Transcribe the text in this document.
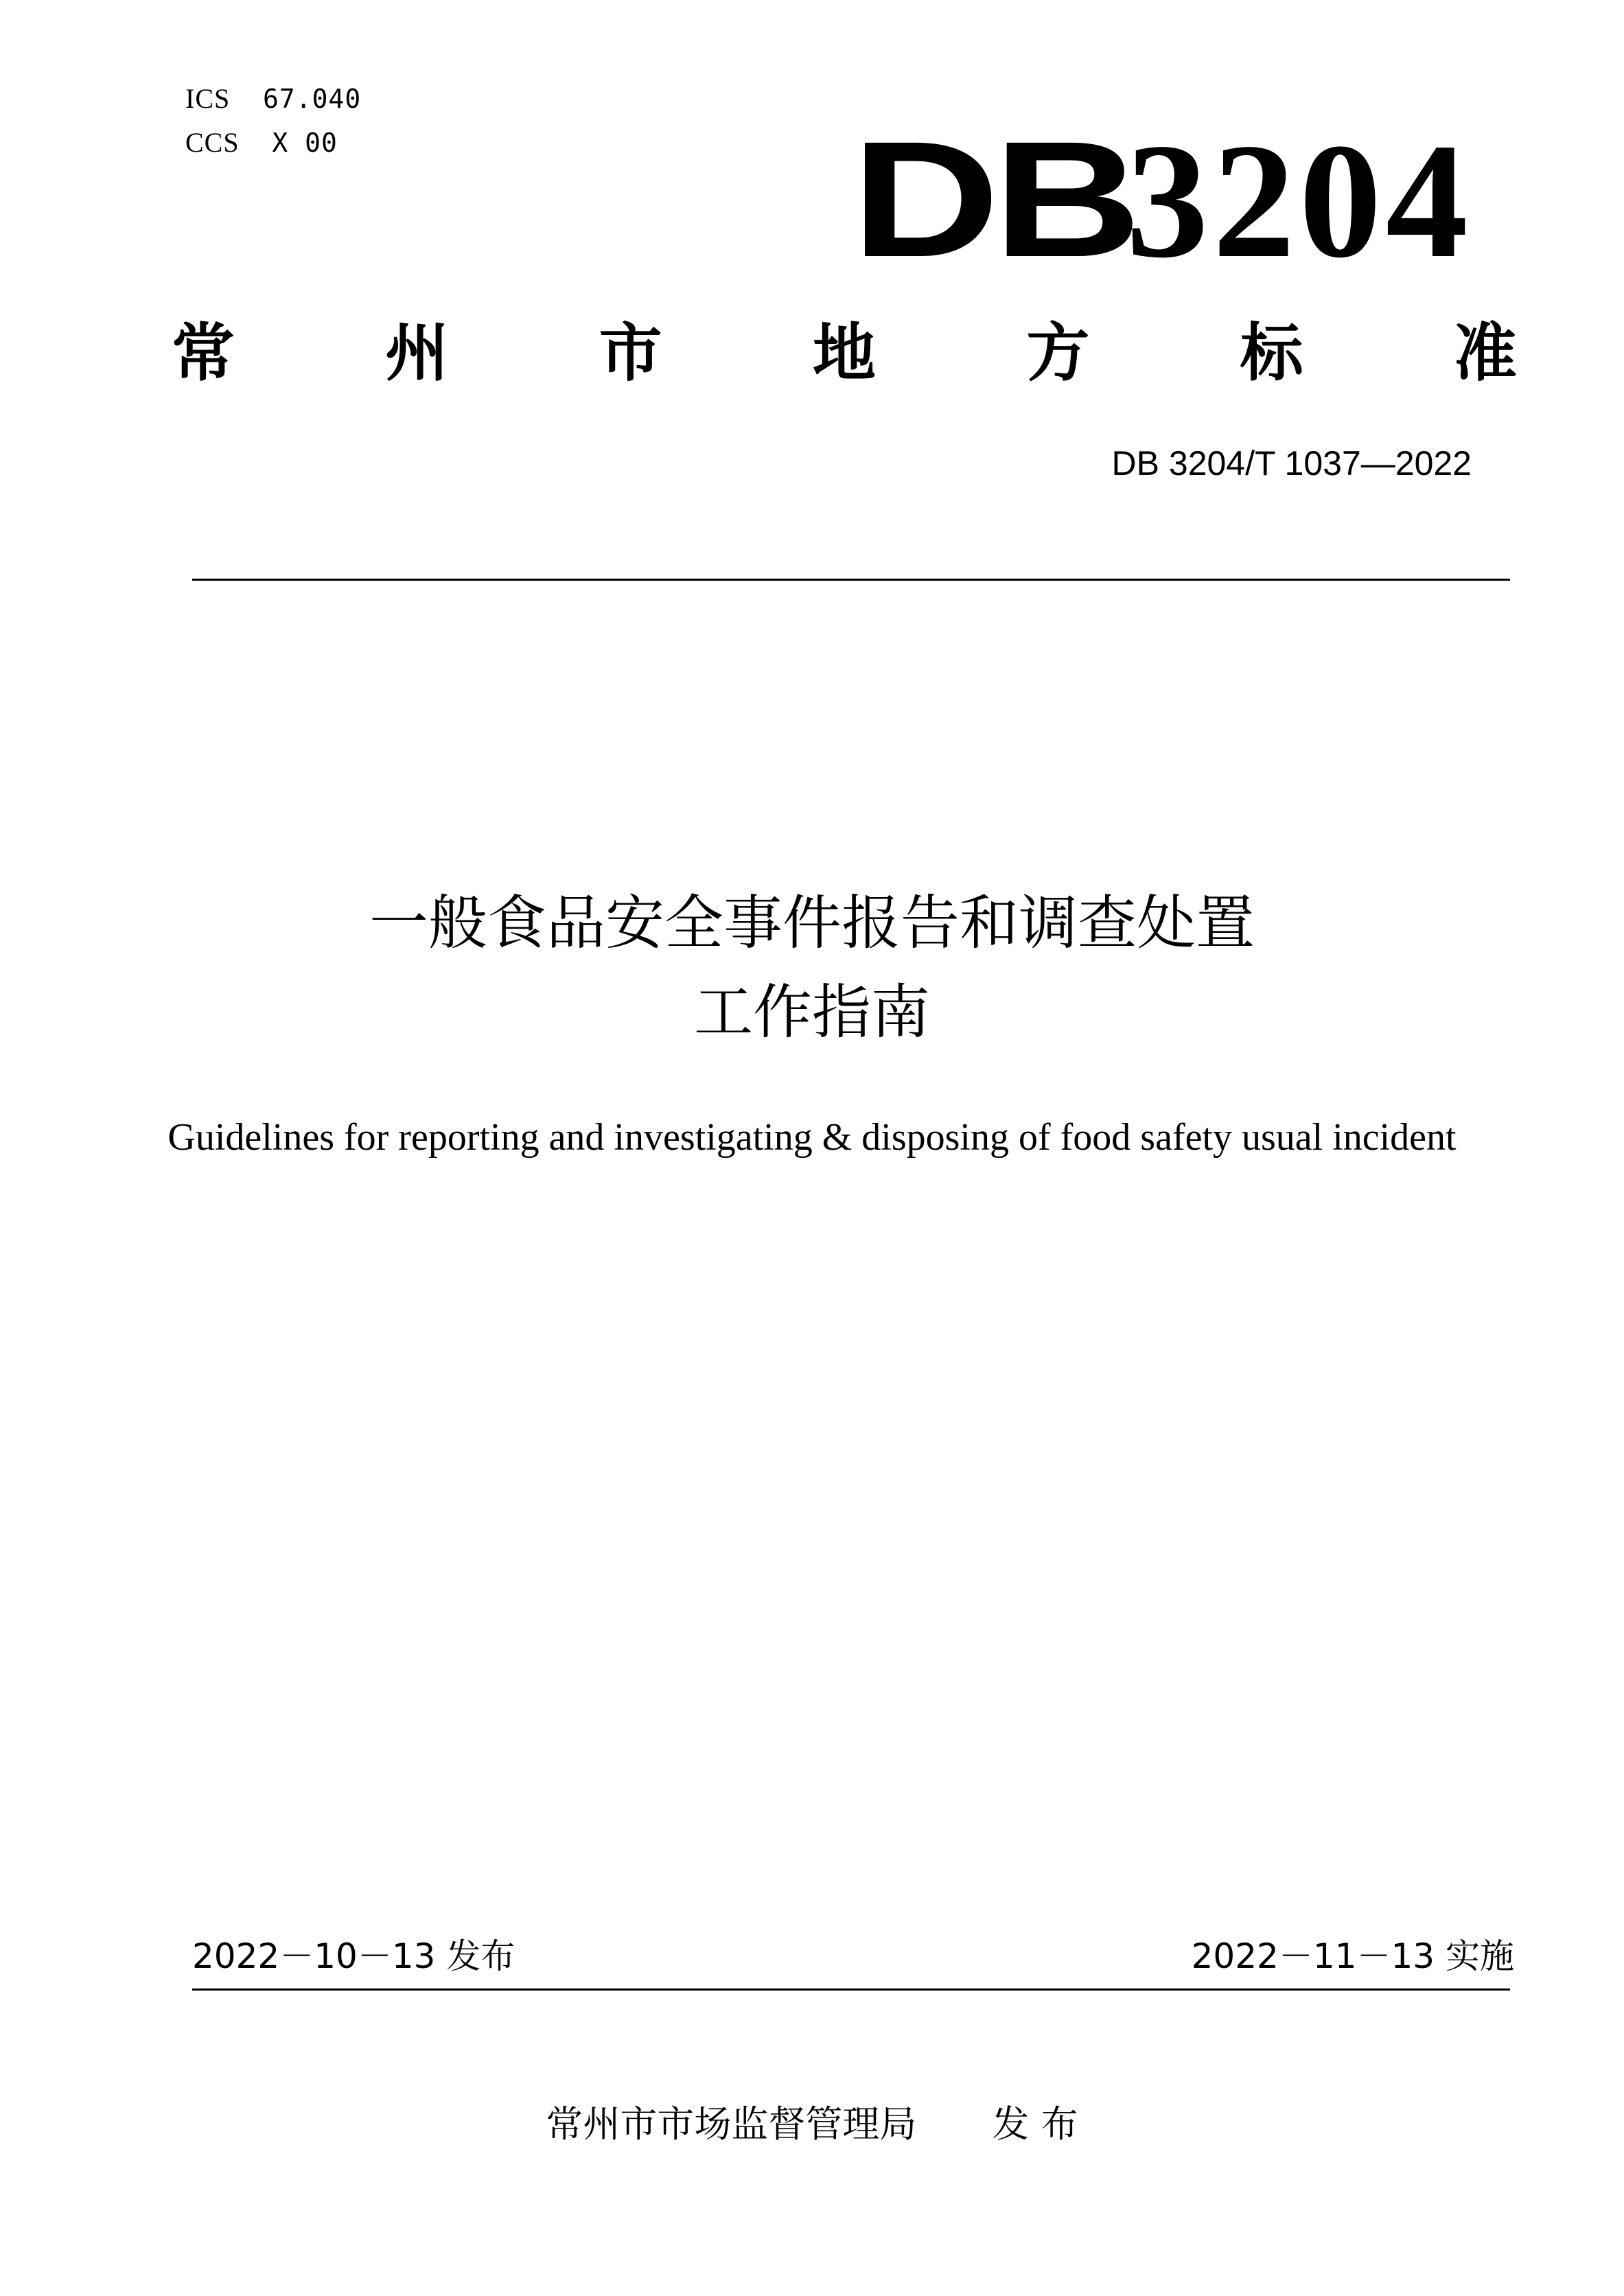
ICS 67.040
CCS X 00	DB3204
常 州 市 地 方 标 准
DB 3204/T 1037—2022
一般食品安全事件报告和调查处置
工作指南
Guidelines for reporting and investigating & disposing of food safety usual incident
2022－10－13 发布	2022－11－13 实施
常州市市场监督管理局 发 布
